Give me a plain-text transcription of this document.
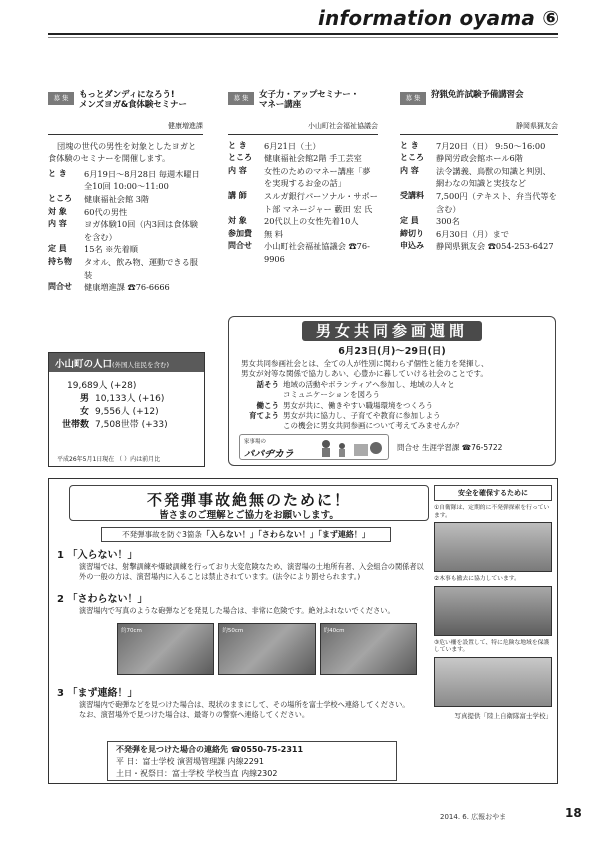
information oyama ⑥
募 集	もっとダンディになろう!
メンズヨガ&食体験セミナー
健康増進課
団塊の世代の男性を対象としたヨガと食体験のセミナーを開催します。
と き	6月19日～8月28日 毎週木曜日 全10回 10:00～11:00
ところ	健康福祉会館 3階
対 象	60代の男性
内 容	ヨガ体験10回（内3回は食体験を含む）
定 員	15名 ※先着順
持ち物	タオル、飲み物、運動できる服装
問合せ	健康増進課 ☎76-6666
募 集	女子力・アップセミナー・
マネー講座
小山町社会福祉協議会
と き	6月21日（土）
ところ	健康福祉会館2階 手工芸室
内 容	女性のためのマネー講座「夢を実現するお金の話」
講 師	スルガ銀行パーソナル・サポート部 マネージャー 藪田 宏 氏
対 象	20代以上の女性先着10人
参加費	無 料
問合せ	小山町社会福祉協議会 ☎76-9906
募 集	狩猟免許試験予備講習会
静岡県猟友会
と き	7月20日（日） 9:50～16:00
ところ	静岡労政会館ホール6階
内 容	法令講義、鳥獣の知識と判別、網わなの知識と実技など
受講料	7,500円（テキスト、弁当代等を含む）
定 員	300名
締切り	6月30日（月）まで
申込み	静岡県猟友会 ☎054-253-6427
小山町の人口(外国人住民を含む)
19,689人 (+28)
男 10,133人 (+16)
女 9,556人 (+12)
世帯数 7,508世帯 (+33)
平成26年5月1日現在 （ ）内は前月比
男女共同参画週間
6月23日(月)～29日(日)
男女共同参画社会とは、全ての人が性別に関わらず個性と能力を発揮し、
男女が対等な関係で協力しあい、心豊かに暮していける社会のことです。
話そう 地域の活動やボランティアへ参加し、地域の人々と
コミュニケーションを図ろう
働こう 男女が共に、働きやすい職場環境をつくろう
育てよう 男女が共に協力し、子育てや教育に参加しよう
この機会に男女共同参画について考えてみませんか？
家事場の
パパヂカラ
問合せ 生涯学習課 ☎76-5722
不発弾事故絶無のために！
皆さまのご理解とご協力をお願いします。
不発弾事故を防ぐ3箇条「入らない！」「さわらない！」「まず連絡！」
1 「入らない！」
演習場では、射撃訓練や爆破訓練を行っており大変危険なため、演習場の土地所有者、入会組合の関係者以外の一般の方は、演習場内に入ることは禁止されています。(法令により罰せられます。)
2 「さわらない！」
演習場内で写真のような砲弾などを発見した場合は、非常に危険です。絶対ふれないでください。
約70cm	約50cm	約40cm
3 「まず連絡！」
演習場内で砲弾などを見つけた場合は、現状のままにして、その場所を富士学校へ連絡してください。
なお、演習場外で見つけた場合は、最寄りの警察へ連絡してください。
不発弾を見つけた場合の連絡先 ☎0550-75-2311
平 日：富士学校 演習場管理課 内線2291
土日・祝祭日：富士学校 学校当直 内線2302
安全を確保するために
①自衛隊は、定期的に不発弾探索を行っています。
②木事も撤去に協力しています。
③危い柵を設置して、特に危険な地域を保護しています。
写真提供「陸上自衛隊富士学校」
2014. 6. 広報おやま	18
